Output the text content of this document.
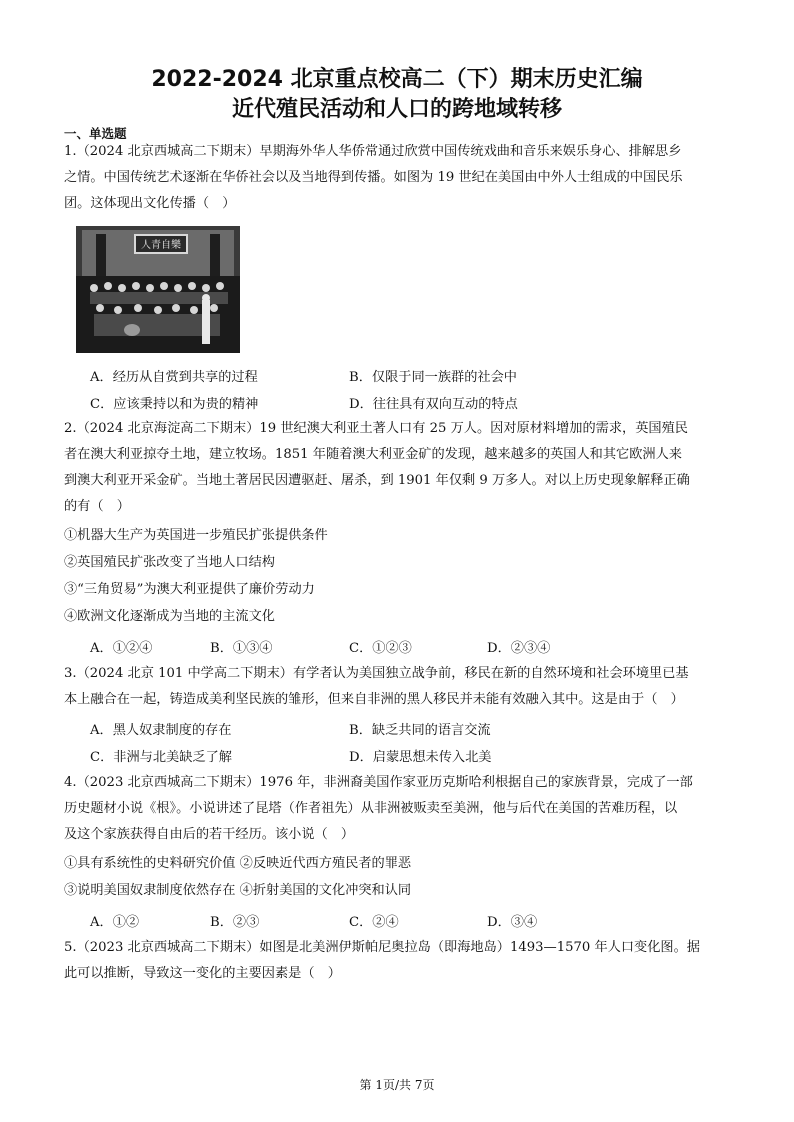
2022-2024 北京重点校高二（下）期末历史汇编
近代殖民活动和人口的跨地域转移
一、单选题
1.（2024 北京西城高二下期末）早期海外华人华侨常通过欣赏中国传统戏曲和音乐来娱乐身心、排解思乡
之情。中国传统艺术逐渐在华侨社会以及当地得到传播。如图为 19 世纪在美国由中外人士组成的中国民乐
团。这体现出文化传播（　）
人青自樂
A．经历从自赏到共享的过程	B．仅限于同一族群的社会中
C．应该秉持以和为贵的精神	D．往往具有双向互动的特点
2.（2024 北京海淀高二下期末）19 世纪澳大利亚土著人口有 25 万人。因对原材料增加的需求，英国殖民
者在澳大利亚掠夺土地，建立牧场。1851 年随着澳大利亚金矿的发现，越来越多的英国人和其它欧洲人来
到澳大利亚开采金矿。当地土著居民因遭驱赶、屠杀，到 1901 年仅剩 9 万多人。对以上历史现象解释正确
的有（　）
①机器大生产为英国进一步殖民扩张提供条件
②英国殖民扩张改变了当地人口结构
③“三角贸易”为澳大利亚提供了廉价劳动力
④欧洲文化逐渐成为当地的主流文化
A．①②④	B．①③④	C．①②③	D．②③④
3.（2024 北京 101 中学高二下期末）有学者认为美国独立战争前，移民在新的自然环境和社会环境里已基
本上融合在一起，铸造成美利坚民族的雏形，但来自非洲的黑人移民并未能有效融入其中。这是由于（　）
A．黑人奴隶制度的存在	B．缺乏共同的语言交流
C．非洲与北美缺乏了解	D．启蒙思想未传入北美
4.（2023 北京西城高二下期末）1976 年，非洲裔美国作家亚历克斯哈利根据自己的家族背景，完成了一部
历史题材小说《根》。小说讲述了昆塔（作者祖先）从非洲被贩卖至美洲，他与后代在美国的苦难历程，以
及这个家族获得自由后的若干经历。该小说（　）
①具有系统性的史料研究价值 ②反映近代西方殖民者的罪恶
③说明美国奴隶制度依然存在 ④折射美国的文化冲突和认同
A．①②	B．②③	C．②④	D．③④
5.（2023 北京西城高二下期末）如图是北美洲伊斯帕尼奥拉岛（即海地岛）1493—1570 年人口变化图。据
此可以推断，导致这一变化的主要因素是（　）
第 1页/共 7页
